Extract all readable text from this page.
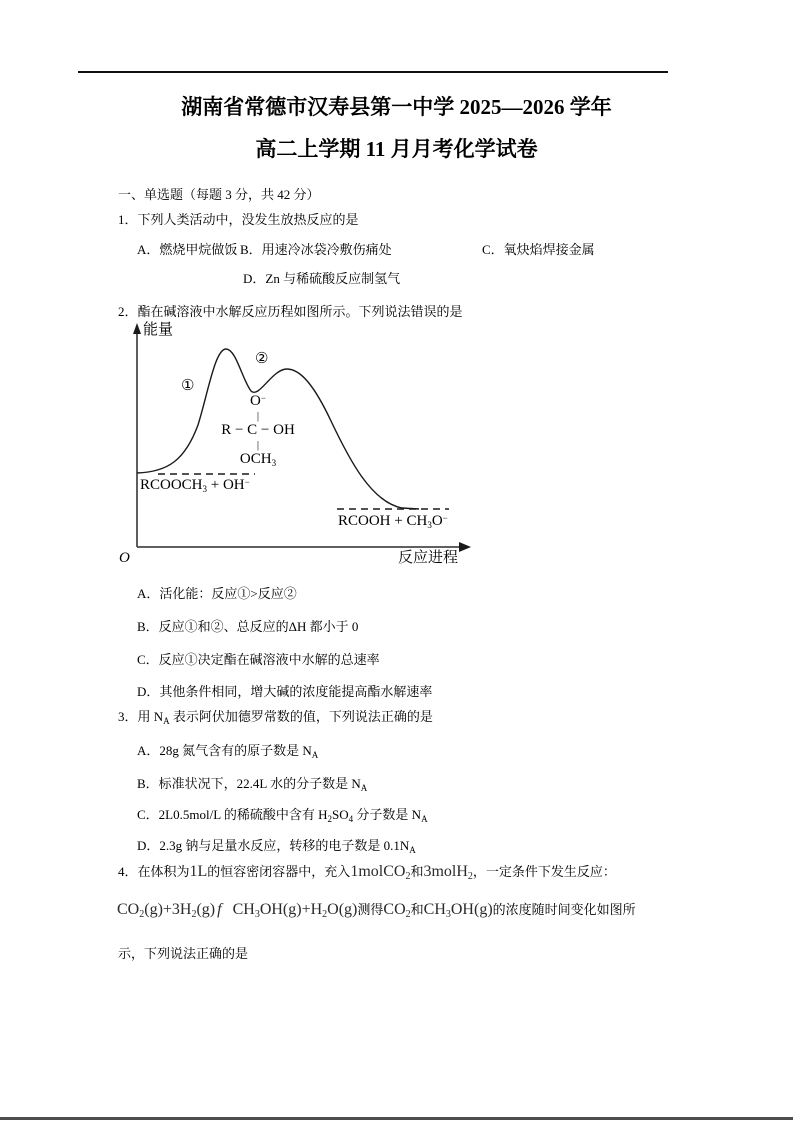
湖南省常德市汉寿县第一中学 2025—2026 学年
高二上学期 11 月月考化学试卷
一、单选题（每题 3 分，共 42 分）
1．下列人类活动中，没发生放热反应的是
A．燃烧甲烷做饭 B．用速冷冰袋冷敷伤痛处	C．氧炔焰焊接金属
D．Zn 与稀硫酸反应制氢气
2．酯在碱溶液中水解反应历程如图所示。下列说法错误的是
能量
①
②
O−
|
R − C − OH
|
$OCH_3$
$RCOOCH_3 + OH^-$
RCOOH + $CH_3O^-$
反应进程
O
A．活化能：反应①>反应②
B．反应①和②、总反应的ΔH 都小于 0
C．反应①决定酯在碱溶液中水解的总速率
D．其他条件相同，增大碱的浓度能提高酯水解速率
3．用 $N_A$ 表示阿伏加德罗常数的值，下列说法正确的是
A．28g 氮气含有的原子数是 $N_A$
B．标准状况下，22.4L 水的分子数是 $N_A$
C．2L0.5mol/L 的稀硫酸中含有 $H_2SO_4$ 分子数是 $N_A$
D．2.3g 钠与足量水反应，转移的电子数是 $0.1N_A$
4．在体积为1L的恒容密闭容器中，充入1molCO$_2$和3molH$_2$，一定条件下发生反应：
$CO_2(g)+3H_2(g)$ f $CH_3OH(g)+H_2O(g)$测得$CO_2$和$CH_3OH(g)$的浓度随时间变化如图所
示，下列说法正确的是
